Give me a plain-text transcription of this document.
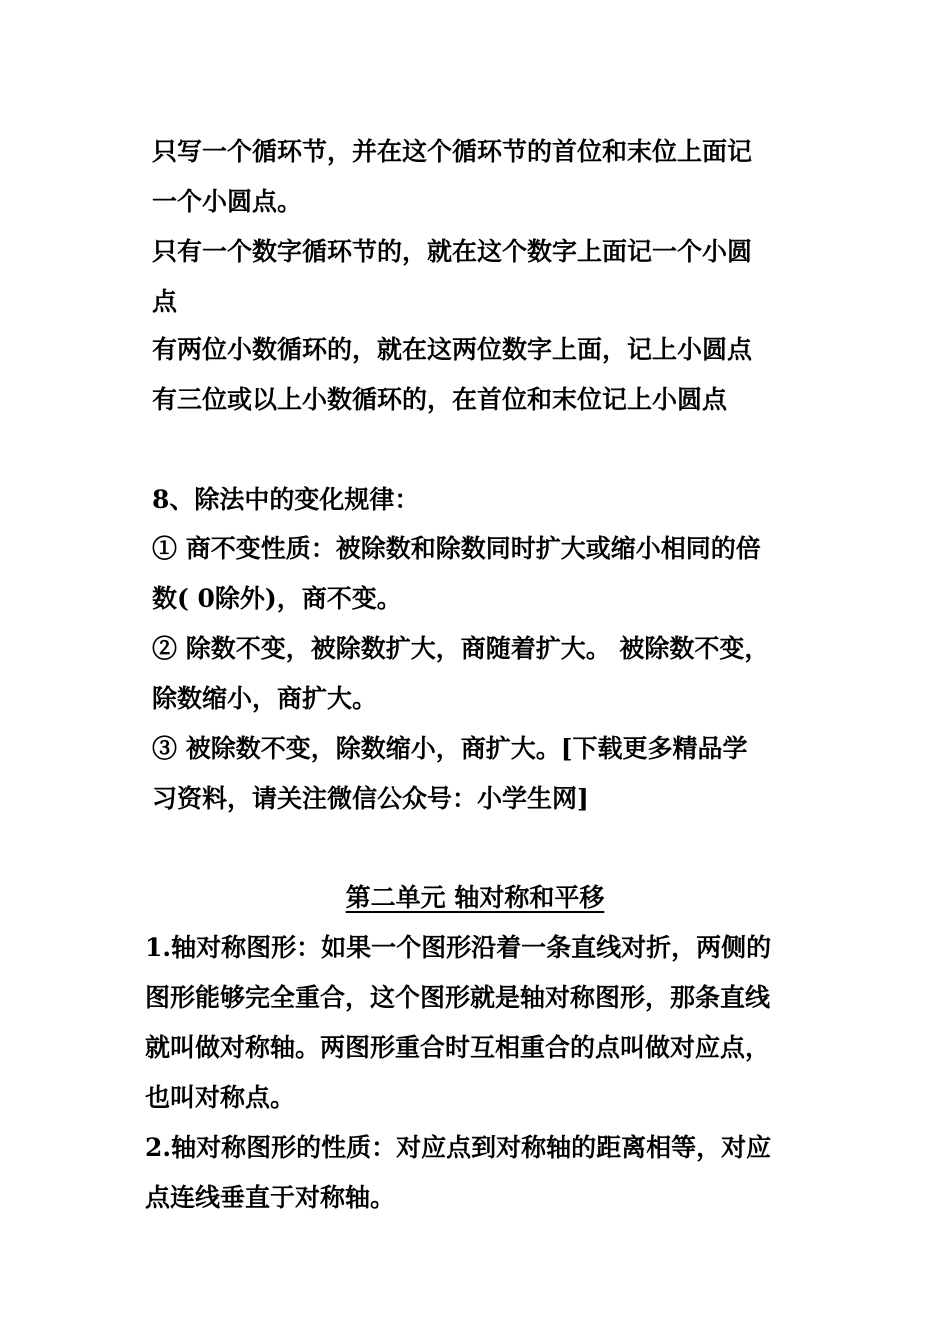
只写一个循环节，并在这个循环节的首位和末位上面记
一个小圆点。
只有一个数字循环节的，就在这个数字上面记一个小圆
点
有两位小数循环的，就在这两位数字上面，记上小圆点
有三位或以上小数循环的，在首位和末位记上小圆点
8、除法中的变化规律：
① 商不变性质：被除数和除数同时扩大或缩小相同的倍
数( 0除外)，商不变。
② 除数不变，被除数扩大，商随着扩大。 被除数不变，
除数缩小，商扩大。
③ 被除数不变，除数缩小，商扩大。[下载更多精品学
习资料，请关注微信公众号：小学生网]
第二单元 轴对称和平移
1.轴对称图形：如果一个图形沿着一条直线对折，两侧的
图形能够完全重合，这个图形就是轴对称图形，那条直线
就叫做对称轴。两图形重合时互相重合的点叫做对应点，
也叫对称点。
2.轴对称图形的性质：对应点到对称轴的距离相等，对应
点连线垂直于对称轴。
